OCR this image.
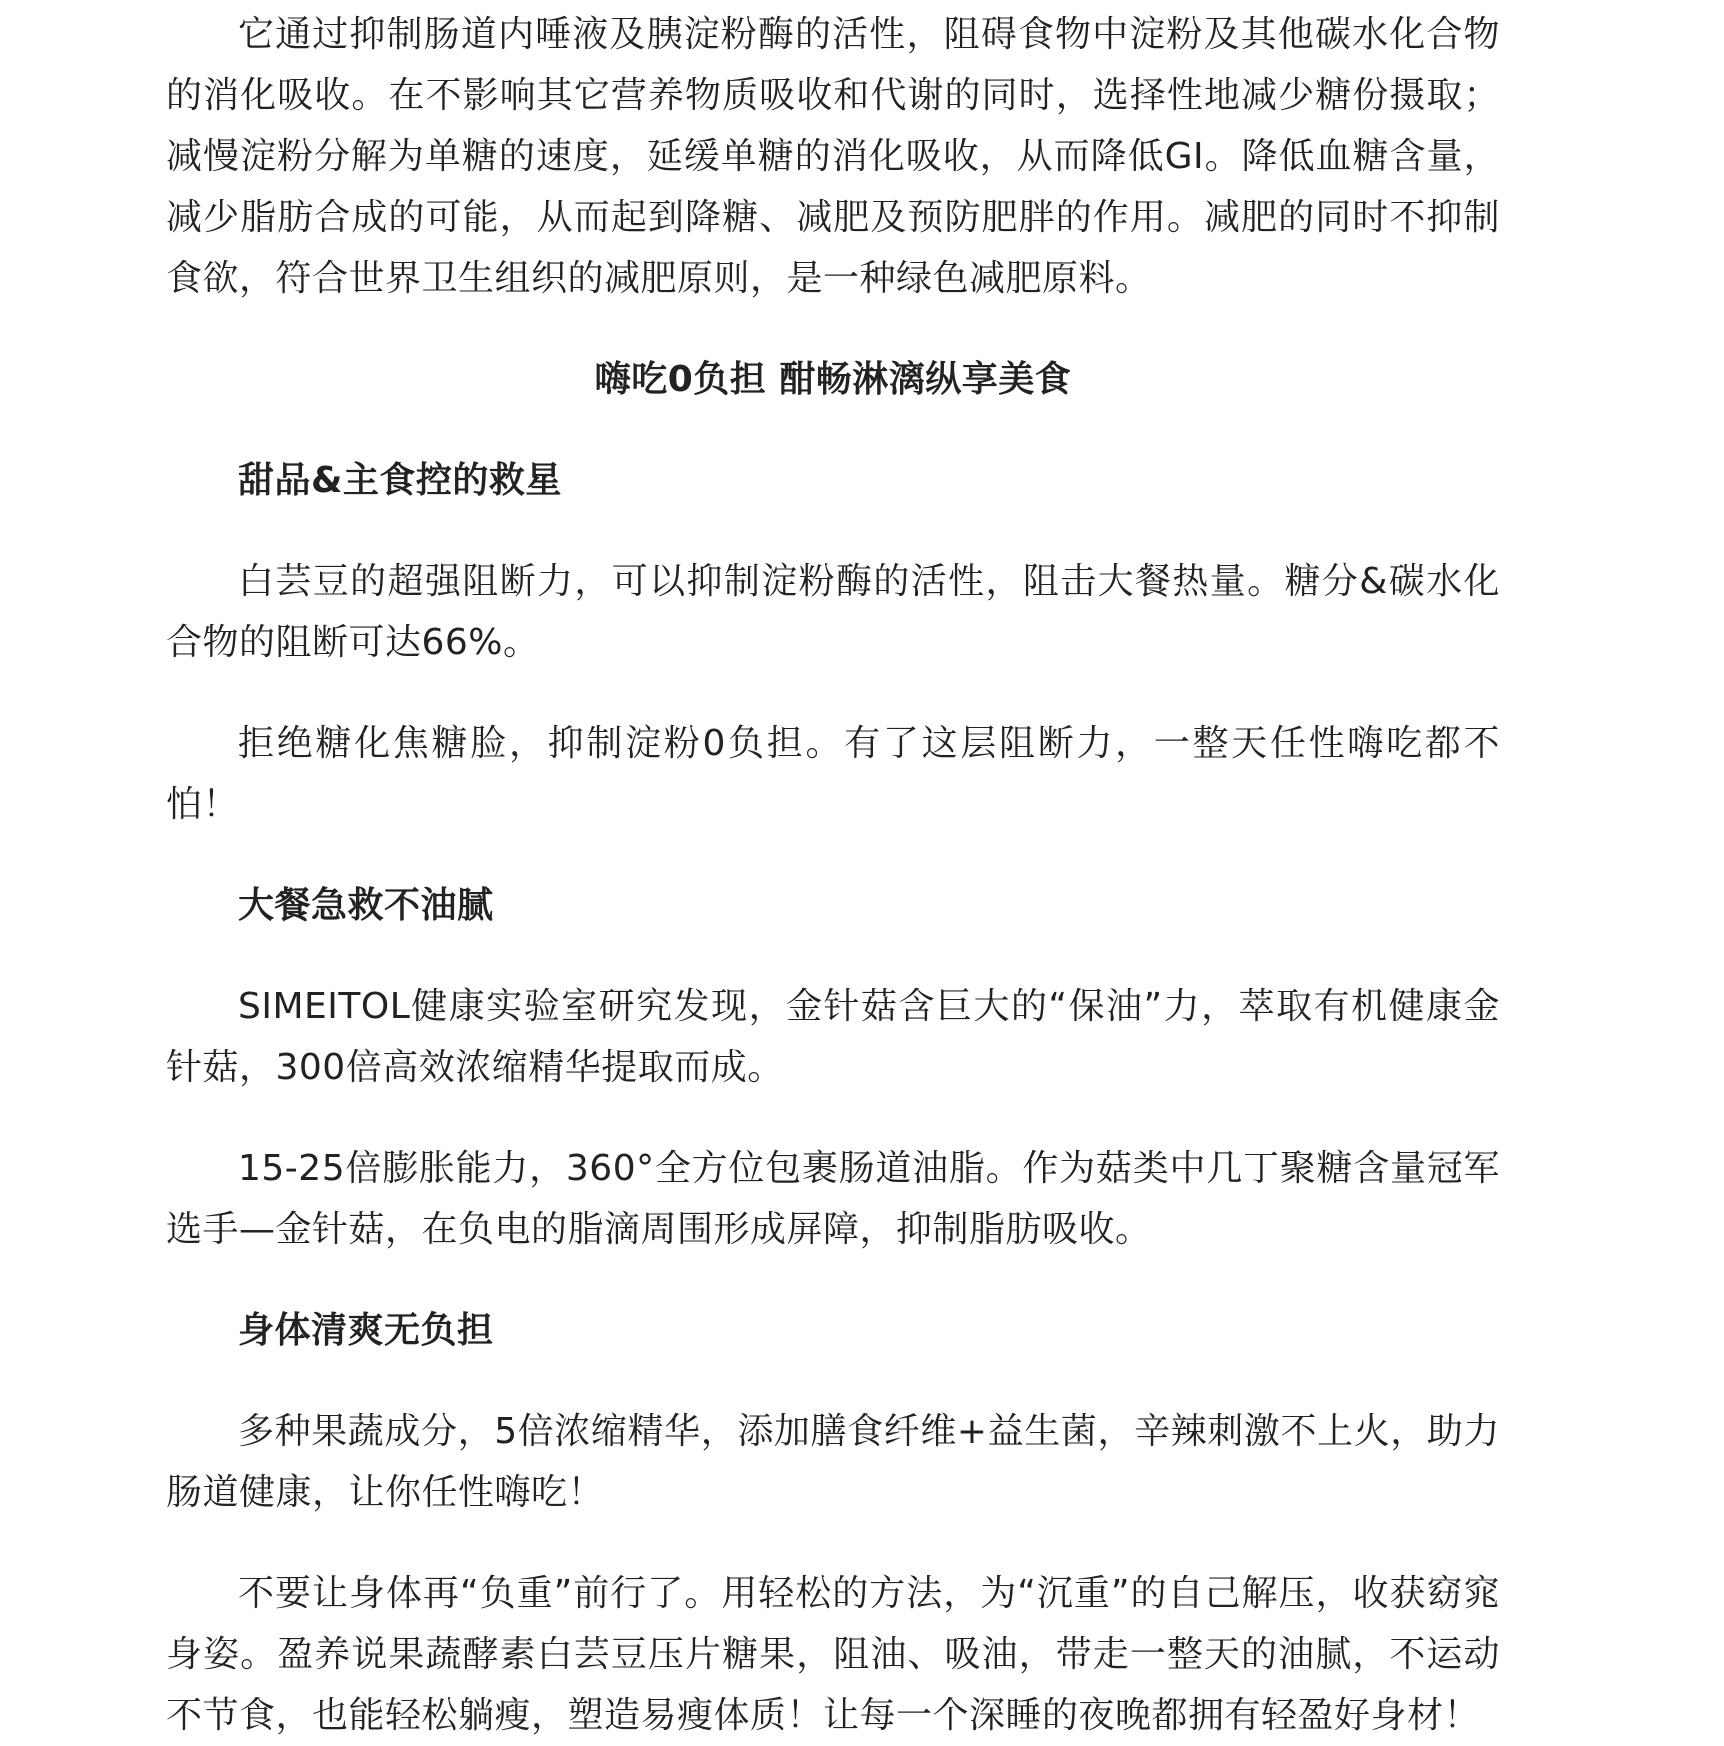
它通过抑制肠道内唾液及胰淀粉酶的活性，阻碍食物中淀粉及其他碳水化合物的消化吸收。在不影响其它营养物质吸收和代谢的同时，选择性地减少糖份摄取；减慢淀粉分解为单糖的速度，延缓单糖的消化吸收，从而降低GI。降低血糖含量，减少脂肪合成的可能，从而起到降糖、减肥及预防肥胖的作用。减肥的同时不抑制食欲，符合世界卫生组织的减肥原则，是一种绿色减肥原料。

嗨吃0负担 酣畅淋漓纵享美食

甜品&主食控的救星

白芸豆的超强阻断力，可以抑制淀粉酶的活性，阻击大餐热量。糖分&碳水化合物的阻断可达66%。

拒绝糖化焦糖脸，抑制淀粉0负担。有了这层阻断力，一整天任性嗨吃都不怕！

大餐急救不油腻

SIMEITOL健康实验室研究发现，金针菇含巨大的“保油”力，萃取有机健康金针菇，300倍高效浓缩精华提取而成。

15-25倍膨胀能力，360°全方位包裹肠道油脂。作为菇类中几丁聚糖含量冠军选手—金针菇，在负电的脂滴周围形成屏障，抑制脂肪吸收。

身体清爽无负担

多种果蔬成分，5倍浓缩精华，添加膳食纤维+益生菌，辛辣刺激不上火，助力肠道健康，让你任性嗨吃！

不要让身体再“负重”前行了。用轻松的方法，为“沉重”的自己解压，收获窈窕身姿。盈养说果蔬酵素白芸豆压片糖果，阻油、吸油，带走一整天的油腻，不运动不节食，也能轻松躺瘦，塑造易瘦体质！让每一个深睡的夜晚都拥有轻盈好身材！
